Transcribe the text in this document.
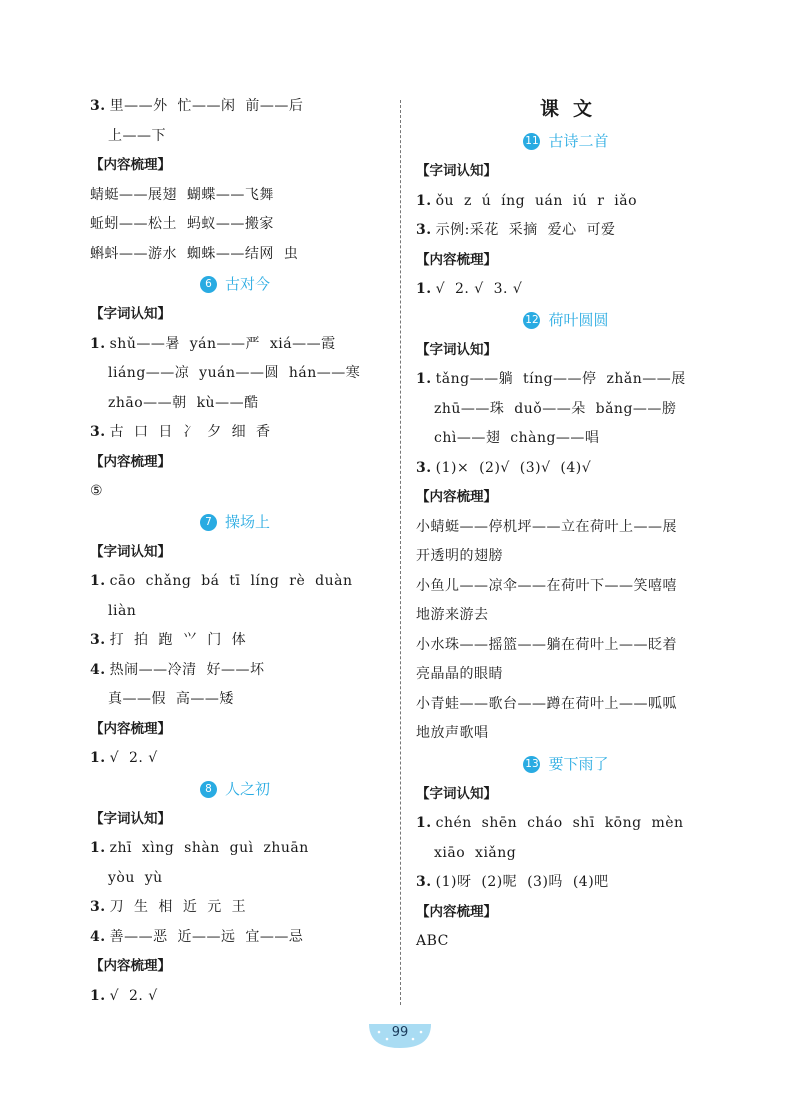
3. 里——外  忙——闲  前——后
上——下
【内容梳理】
蜻蜓——展翅  蝴蝶——飞舞
蚯蚓——松土  蚂蚁——搬家
蝌蚪——游水  蜘蛛——结网  虫
6 古对今
【字词认知】
1. shǔ——暑  yán——严  xiá——霞
liáng——凉  yuán——圆  hán——寒
zhāo——朝  kù——酷
3. 古  口  日  冫  夕  细  香
【内容梳理】
⑤
7 操场上
【字词认知】
1. cāo  chǎng  bá  tī  líng  rè  duàn
liàn
3. 打  拍  跑  ⺍  门  体
4. 热闹——冷清  好——坏
真——假  高——矮
【内容梳理】
1. √  2. √
8 人之初
【字词认知】
1. zhī  xìng  shàn  guì  zhuān
yòu  yù
3. 刀  生  相  近  元  王
4. 善——恶  近——远  宜——忌
【内容梳理】
1. √  2. √
课文
11 古诗二首
【字词认知】
1. ǒu  z  ú  íng  uán  iú  r  iǎo
3. 示例:采花  采摘  爱心  可爱
【内容梳理】
1. √  2. √  3. √
12 荷叶圆圆
【字词认知】
1. tǎng——躺  tíng——停  zhǎn——展
zhū——珠  duǒ——朵  bǎng——膀
chì——翅  chàng——唱
3. (1)×  (2)√  (3)√  (4)√
【内容梳理】
小蜻蜓——停机坪——立在荷叶上——展
开透明的翅膀
小鱼儿——凉伞——在荷叶下——笑嘻嘻
地游来游去
小水珠——摇篮——躺在荷叶上——眨着
亮晶晶的眼睛
小青蛙——歌台——蹲在荷叶上——呱呱
地放声歌唱
13 要下雨了
【字词认知】
1. chén  shēn  cháo  shī  kōng  mèn
xiāo  xiǎng
3. (1)呀  (2)呢  (3)吗  (4)吧
【内容梳理】
ABC
99
